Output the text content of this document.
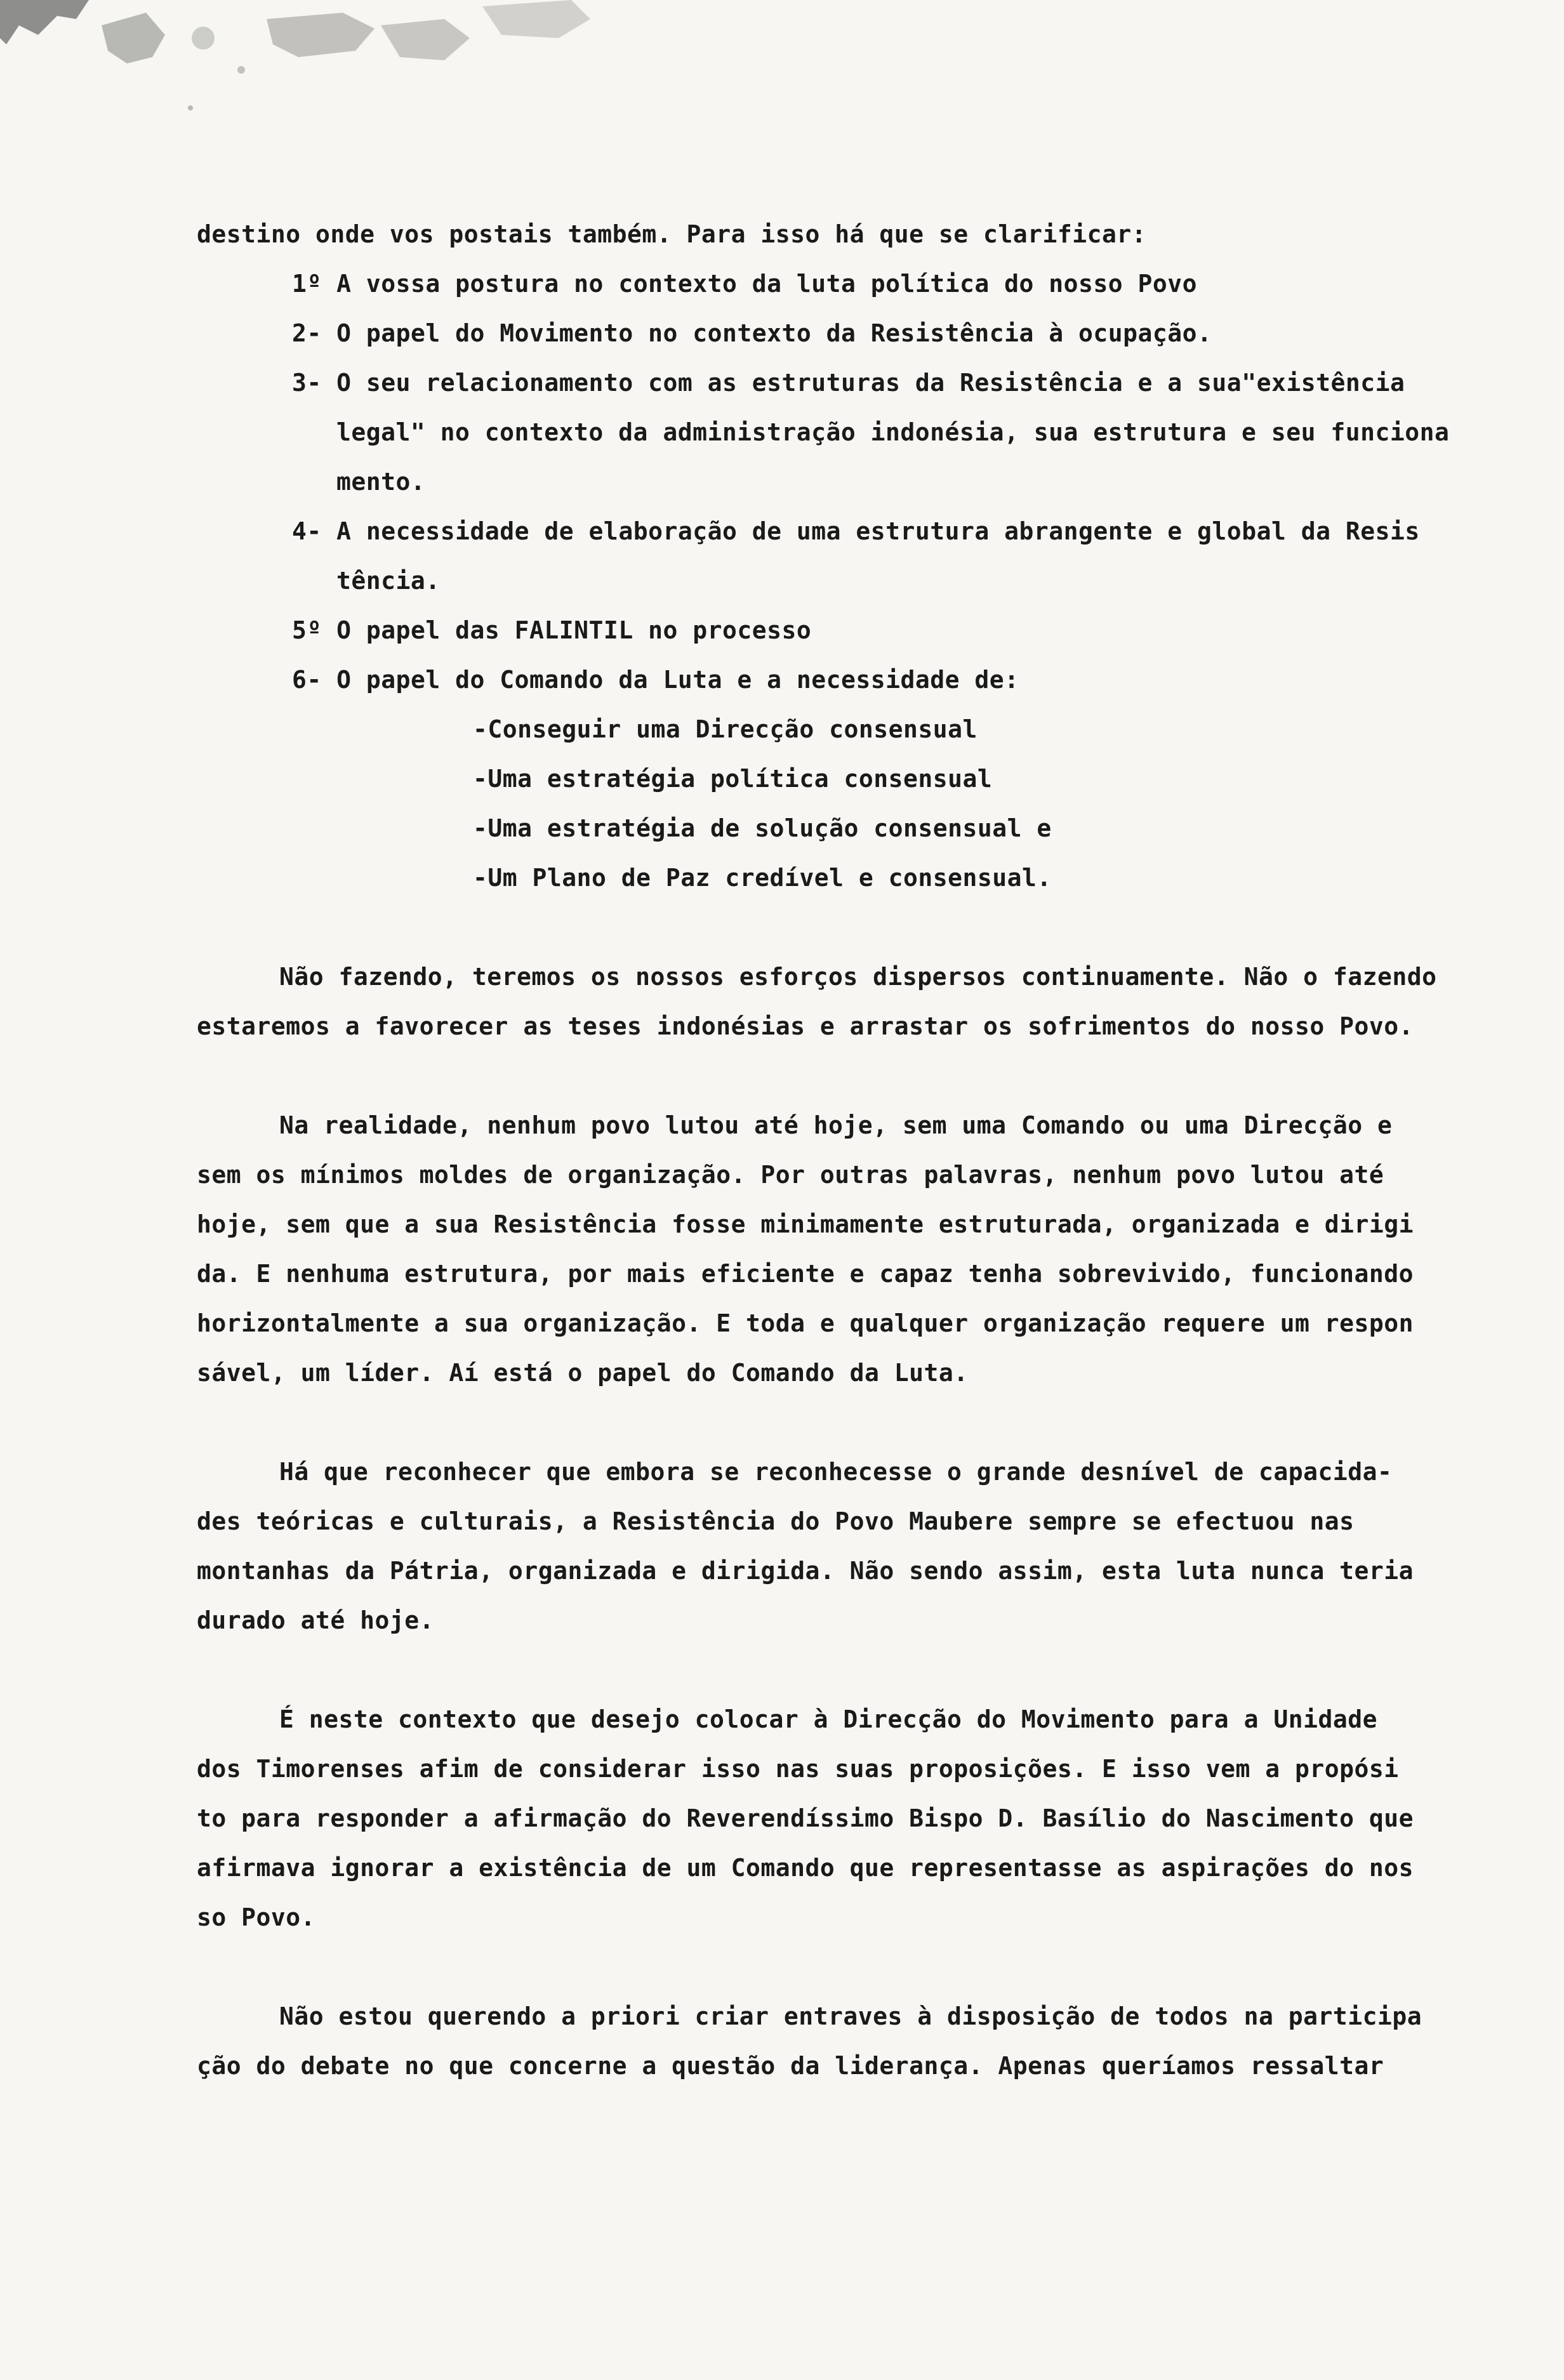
destino onde vos postais também. Para isso há que se clarificar:
1º A vossa postura no contexto da luta política do nosso Povo
2- O papel do Movimento no contexto da Resistência à ocupação.
3- O seu relacionamento com as estruturas da Resistência e a sua"existência
legal" no contexto da administração indonésia, sua estrutura e seu funciona
mento.
4- A necessidade de elaboração de uma estrutura abrangente e global da Resis
tência.
5º O papel das FALINTIL no processo
6- O papel do Comando da Luta e a necessidade de:
-Conseguir uma Direcção consensual
-Uma estratégia política consensual
-Uma estratégia de solução consensual e
-Um Plano de Paz credível e consensual.
Não fazendo, teremos os nossos esforços dispersos continuamente. Não o fazendo
estaremos a favorecer as teses indonésias e arrastar os sofrimentos do nosso Povo.
Na realidade, nenhum povo lutou até hoje, sem uma Comando ou uma Direcção e
sem os mínimos moldes de organização. Por outras palavras, nenhum povo lutou até
hoje, sem que a sua Resistência fosse minimamente estruturada, organizada e dirigi
da. E nenhuma estrutura, por mais eficiente e capaz tenha sobrevivido, funcionando
horizontalmente a sua organização. E toda e qualquer organização requere um respon
sável, um líder. Aí está o papel do Comando da Luta.
Há que reconhecer que embora se reconhecesse o grande desnível de capacida-
des teóricas e culturais, a Resistência do Povo Maubere sempre se efectuou nas
montanhas da Pátria, organizada e dirigida. Não sendo assim, esta luta nunca teria
durado até hoje.
É neste contexto que desejo colocar à Direcção do Movimento para a Unidade
dos Timorenses afim de considerar isso nas suas proposições. E isso vem a propósi
to para responder a afirmação do Reverendíssimo Bispo D. Basílio do Nascimento que
afirmava ignorar a existência de um Comando que representasse as aspirações do nos
so Povo.
Não estou querendo a priori criar entraves à disposição de todos na participa
ção do debate no que concerne a questão da liderança. Apenas queríamos ressaltar
